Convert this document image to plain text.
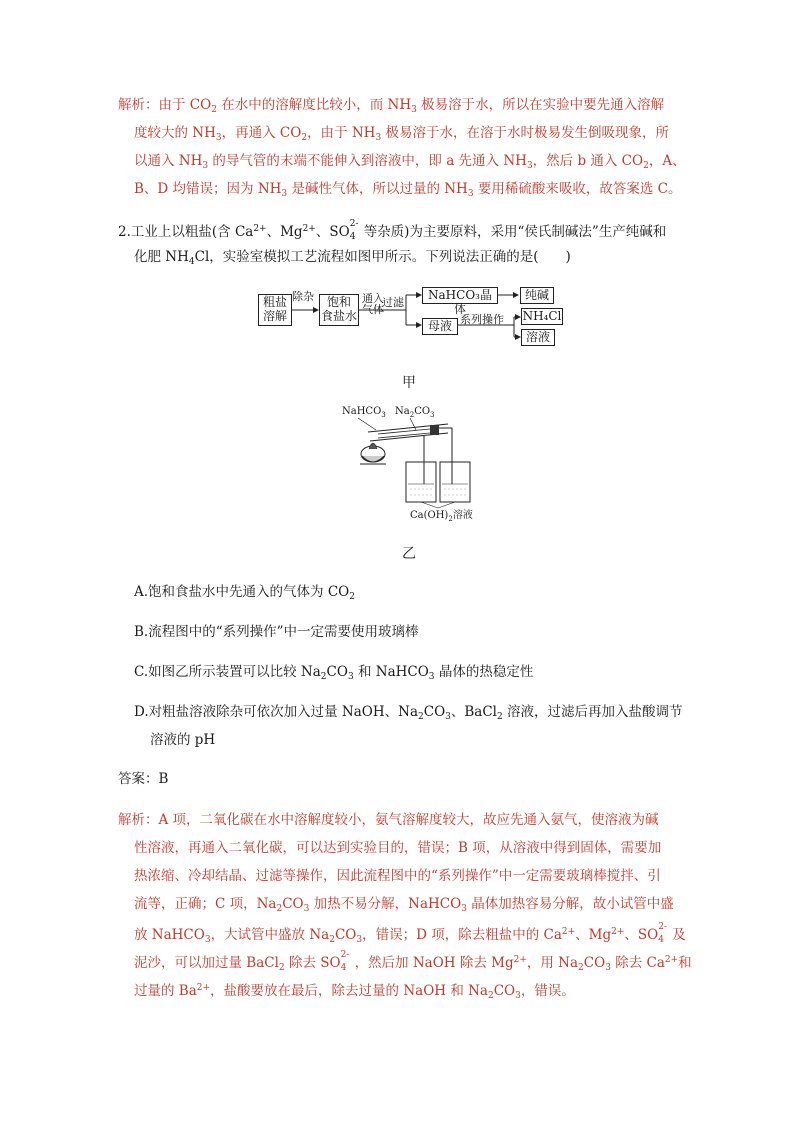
解析：由于 $CO_2$ 在水中的溶解度比较小，而 $NH_3$ 极易溶于水，所以在实验中要先通入溶解
度较大的 $NH_3$，再通入 $CO_2$，由于 $NH_3$ 极易溶于水，在溶于水时极易发生倒吸现象，所
以通入 $NH_3$ 的导气管的末端不能伸入到溶液中，即 a 先通入 $NH_3$，然后 b 通入 $CO_2$，A、
B、D 均错误；因为 $NH_3$ 是碱性气体，所以过量的 $NH_3$ 要用稀硫酸来吸收，故答案选 C。
2.工业上以粗盐(含 $Ca^{2+}$、$Mg^{2+}$、SO 2-
4 等杂质)为主要原料，采用“侯氏制碱法”生产纯碱和
化肥 $NH_4Cl$，实验室模拟工艺流程如图甲所示。下列说法正确的是(　　)
粗盐
溶解
除杂	饱和
食盐水
通入
气体
过滤
NaHCO₃晶体
纯碱
母液 系列操作 NH₄Cl
溶液
甲
NaHCO$_3$ $Na_2CO_3$
$Ca(OH)_2$溶液
乙
A.饱和食盐水中先通入的气体为 $CO_2$
B.流程图中的“系列操作”中一定需要使用玻璃棒
C.如图乙所示装置可以比较 $Na_2CO_3$ 和 NaHCO$_3$ 晶体的热稳定性
D.对粗盐溶液除杂可依次加入过量 NaOH、$Na_2CO_3$、BaCl$_2$ 溶液，过滤后再加入盐酸调节
溶液的 pH
答案：B
解析：A 项，二氧化碳在水中溶解度较小，氨气溶解度较大，故应先通入氨气，使溶液为碱
性溶液，再通入二氧化碳，可以达到实验目的，错误；B 项，从溶液中得到固体，需要加
热浓缩、冷却结晶、过滤等操作，因此流程图中的“系列操作”中一定需要玻璃棒搅拌、引
流等，正确；C 项，$Na_2CO_3$ 加热不易分解，NaHCO$_3$ 晶体加热容易分解，故小试管中盛
放 NaHCO$_3$，大试管中盛放 $Na_2CO_3$，错误；D 项，除去粗盐中的 $Ca^{2+}$、$Mg^{2+}$、SO 2-
4 及
泥沙，可以加过量 BaCl$_2$ 除去 SO 2-
4 ，然后加 NaOH 除去 $Mg^{2+}$，用 $Na_2CO_3$ 除去 $Ca^{2+}$和
过量的 $Ba^{2+}$，盐酸要放在最后，除去过量的 NaOH 和 $Na_2CO_3$，错误。
